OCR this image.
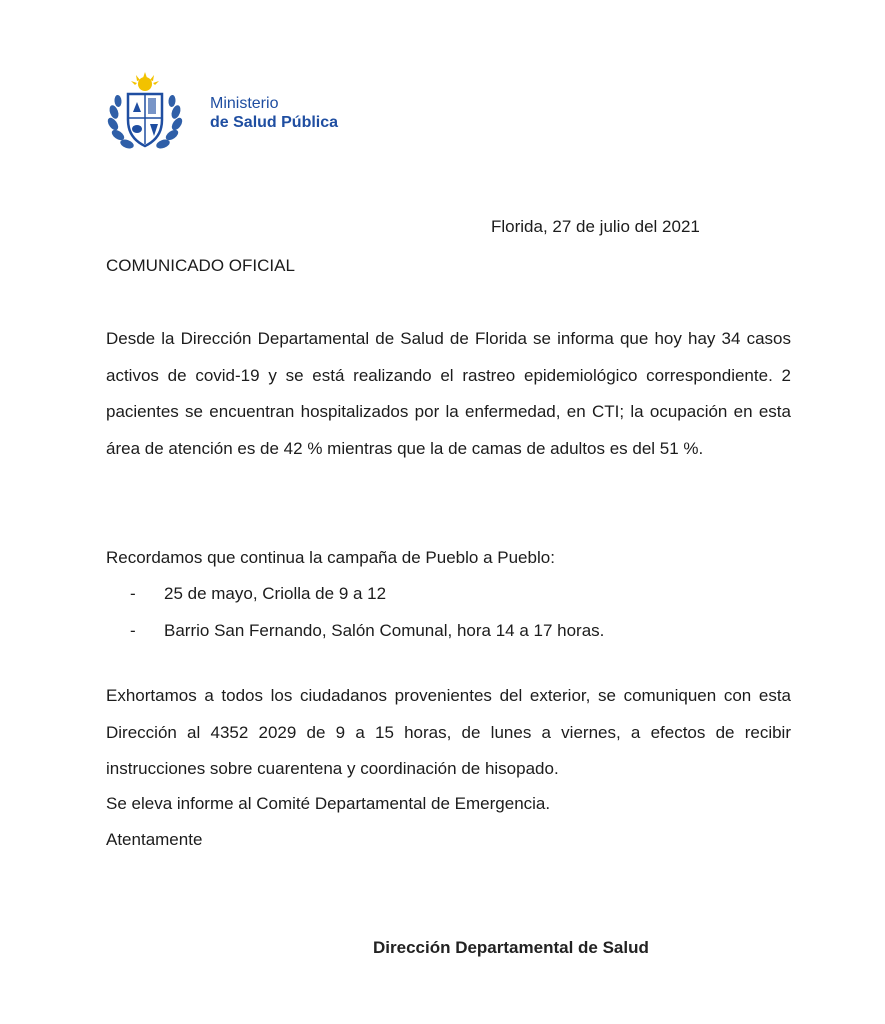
Ministerio
de Salud Pública
Florida, 27 de julio del 2021
COMUNICADO OFICIAL

Desde la Dirección Departamental de Salud de Florida se informa que hoy hay 34 casos activos de covid-19 y se está realizando el rastreo epidemiológico correspondiente. 2 pacientes se encuentran hospitalizados por la enfermedad, en CTI; la ocupación en esta área de atención es de 42 % mientras que la de camas de adultos es del 51 %.

Recordamos que continua la campaña de Pueblo a Pueblo:

- 25 de mayo, Criolla de 9 a 12
- Barrio San Fernando, Salón Comunal, hora 14 a 17 horas.

Exhortamos a todos los ciudadanos provenientes del exterior, se comuniquen con esta Dirección al 4352 2029 de 9 a 15 horas, de lunes a viernes, a efectos de recibir instrucciones sobre cuarentena y coordinación de hisopado.

Se eleva informe al Comité Departamental de Emergencia.
Atentamente
Dirección Departamental de Salud
